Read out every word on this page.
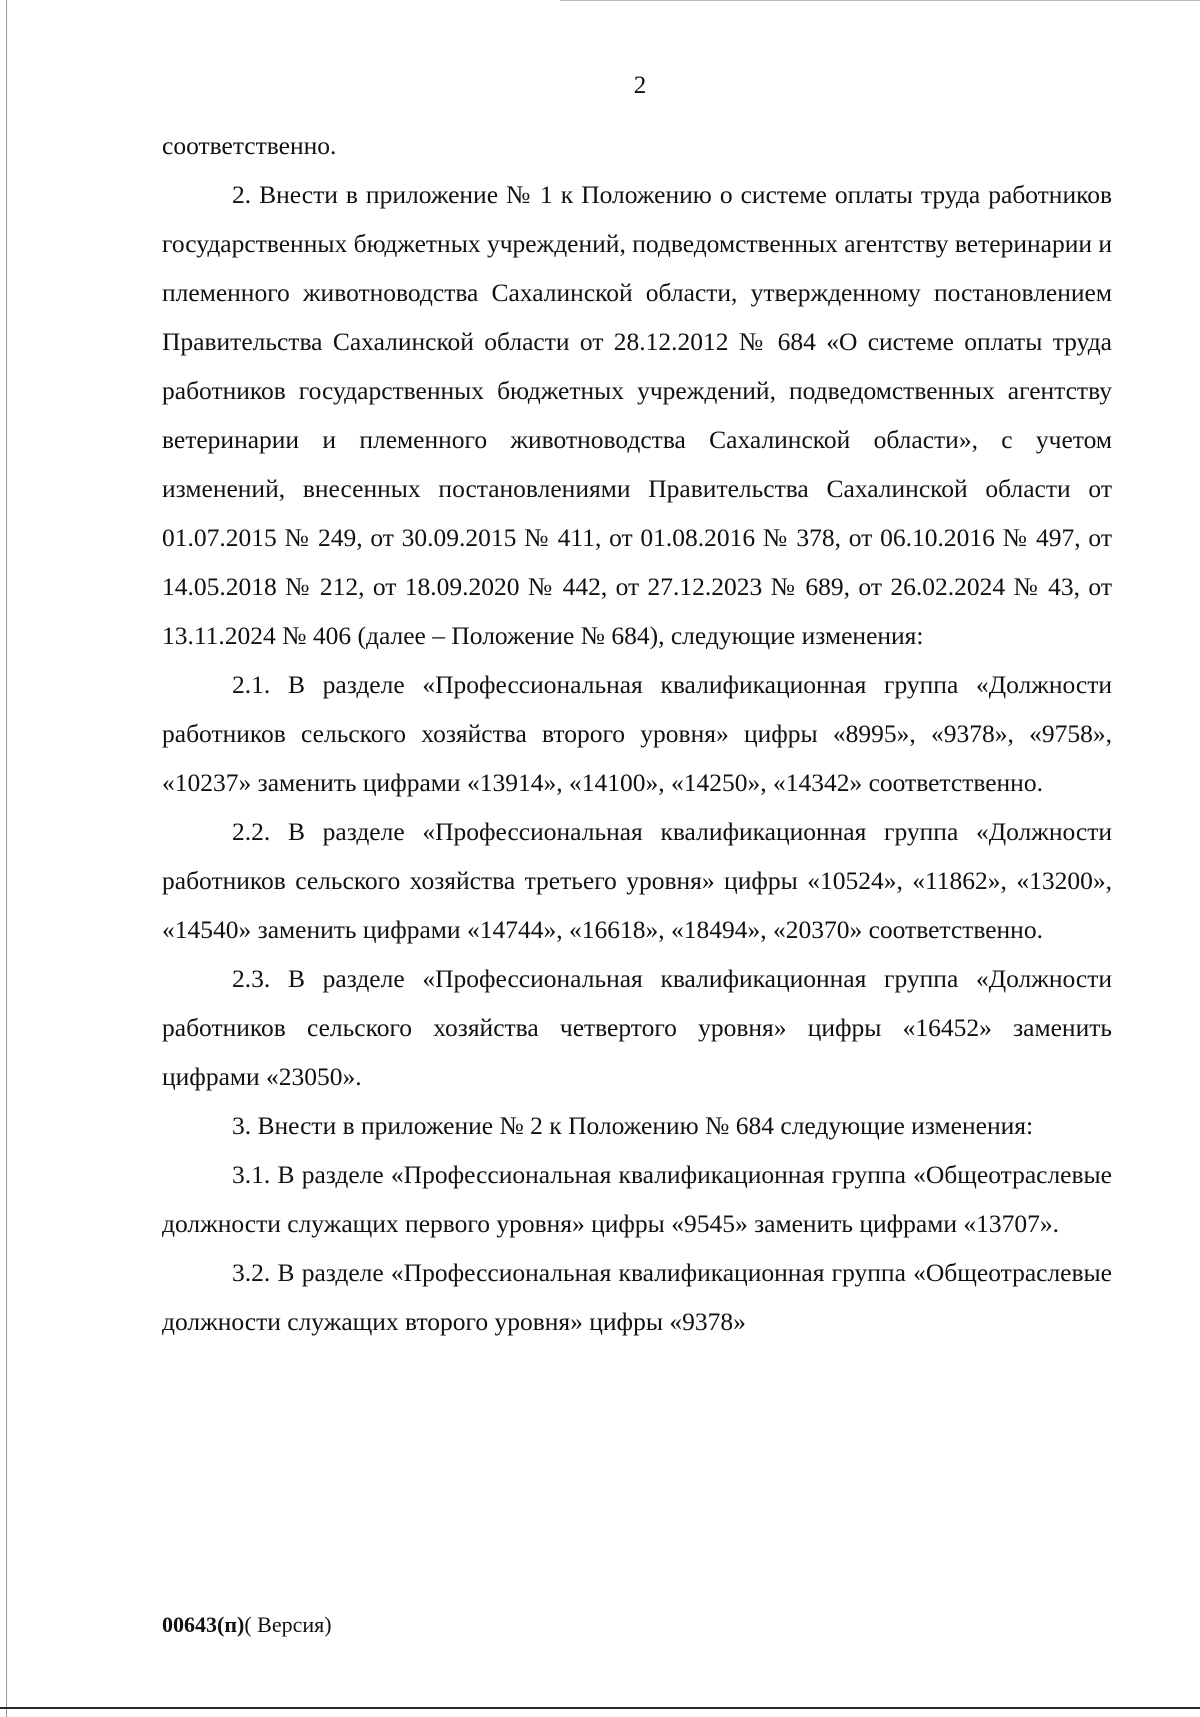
2

соответственно.

2. Внести в приложение № 1 к Положению о системе оплаты труда работников государственных бюджетных учреждений, подведомственных агентству ветеринарии и племенного животноводства Сахалинской области, утвержденному постановлением Правительства Сахалинской области от 28.12.2012 № 684 «О системе оплаты труда работников государственных бюджетных учреждений, подведомственных агентству ветеринарии и племенного животноводства Сахалинской области», с учетом изменений, внесенных постановлениями Правительства Сахалинской области от 01.07.2015 № 249, от 30.09.2015 № 411, от 01.08.2016 № 378, от 06.10.2016 № 497, от 14.05.2018 № 212, от 18.09.2020 № 442, от 27.12.2023 № 689, от 26.02.2024 № 43, от 13.11.2024 № 406 (далее – Положение № 684), следующие изменения:

2.1. В разделе «Профессиональная квалификационная группа «Должности работников сельского хозяйства второго уровня» цифры «8995», «9378», «9758», «10237» заменить цифрами «13914», «14100», «14250», «14342» соответственно.

2.2. В разделе «Профессиональная квалификационная группа «Должности работников сельского хозяйства третьего уровня» цифры «10524», «11862», «13200», «14540» заменить цифрами «14744», «16618», «18494», «20370» соответственно.

2.3. В разделе «Профессиональная квалификационная группа «Должности работников сельского хозяйства четвертого уровня» цифры «16452» заменить цифрами «23050».

3. Внести в приложение № 2 к Положению № 684 следующие изменения:

3.1. В разделе «Профессиональная квалификационная группа «Общеотраслевые должности служащих первого уровня» цифры «9545» заменить цифрами «13707».

3.2. В разделе «Профессиональная квалификационная группа «Общеотраслевые должности служащих второго уровня» цифры «9378»

00643(п)( Версия)
